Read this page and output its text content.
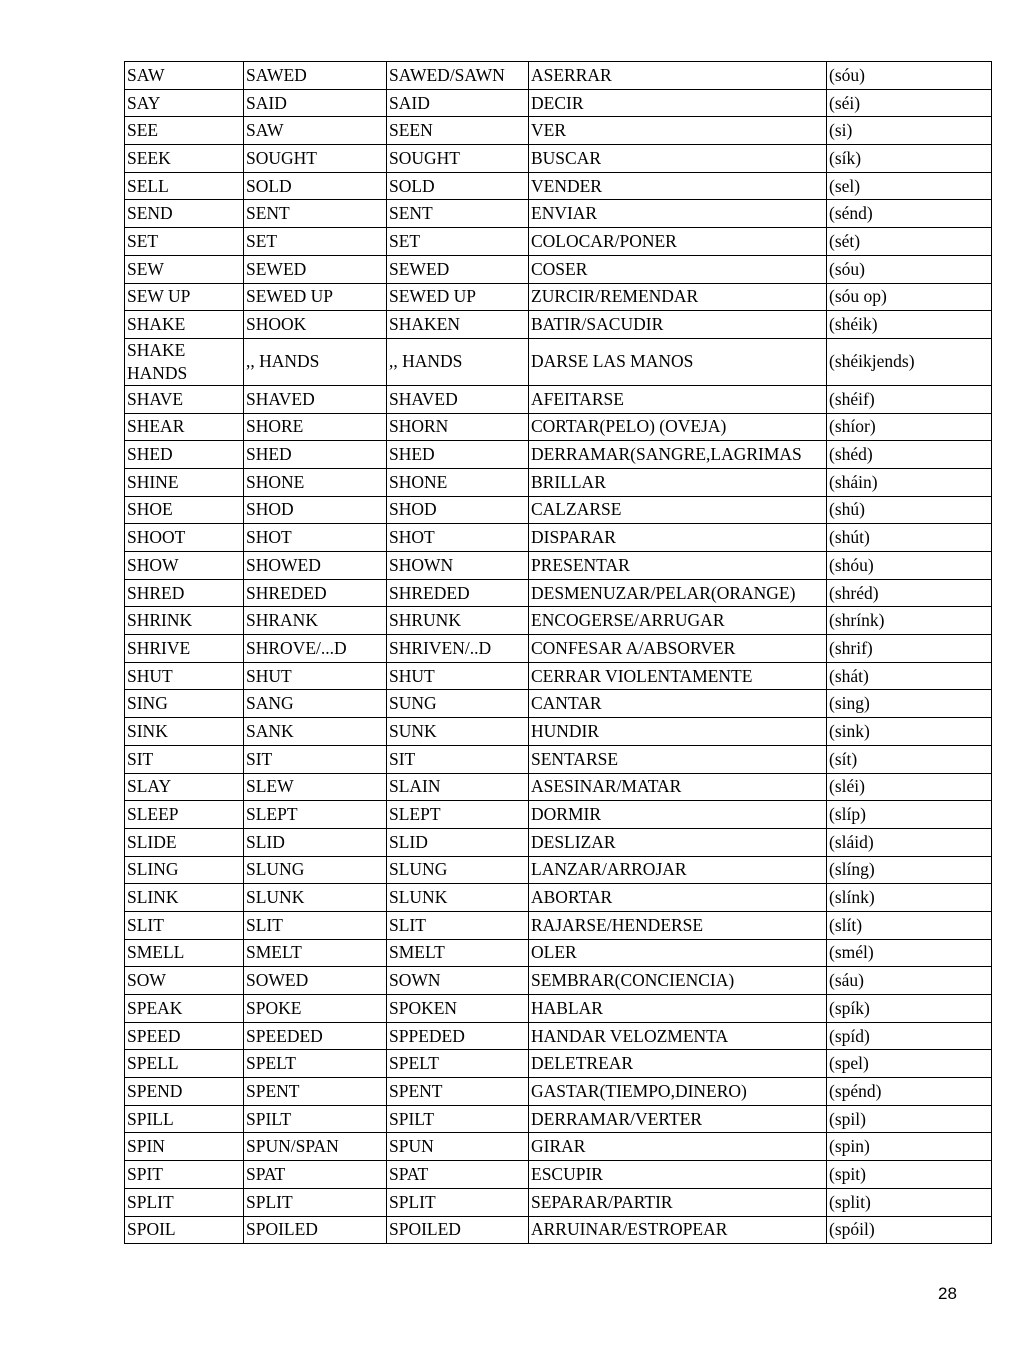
SAW	SAWED	SAWED/SAWN	ASERRAR	(sóu)
SAY	SAID	SAID	DECIR	(séi)
SEE	SAW	SEEN	VER	(si)
SEEK	SOUGHT	SOUGHT	BUSCAR	(sík)
SELL	SOLD	SOLD	VENDER	(sel)
SEND	SENT	SENT	ENVIAR	(sénd)
SET	SET	SET	COLOCAR/PONER	(sét)
SEW	SEWED	SEWED	COSER	(sóu)
SEW UP	SEWED UP	SEWED UP	ZURCIR/REMENDAR	(sóu op)
SHAKE	SHOOK	SHAKEN	BATIR/SACUDIR	(shéik)
SHAKE HANDS	,, HANDS	,, HANDS	DARSE LAS MANOS	(shéikjends)
SHAVE	SHAVED	SHAVED	AFEITARSE	(shéif)
SHEAR	SHORE	SHORN	CORTAR(PELO) (OVEJA)	(shíor)
SHED	SHED	SHED	DERRAMAR(SANGRE,LAGRIMAS	(shéd)
SHINE	SHONE	SHONE	BRILLAR	(sháin)
SHOE	SHOD	SHOD	CALZARSE	(shú)
SHOOT	SHOT	SHOT	DISPARAR	(shút)
SHOW	SHOWED	SHOWN	PRESENTAR	(shóu)
SHRED	SHREDED	SHREDED	DESMENUZAR/PELAR(ORANGE)	(shréd)
SHRINK	SHRANK	SHRUNK	ENCOGERSE/ARRUGAR	(shrínk)
SHRIVE	SHROVE/...D	SHRIVEN/..D	CONFESAR A/ABSORVER	(shrif)
SHUT	SHUT	SHUT	CERRAR VIOLENTAMENTE	(shát)
SING	SANG	SUNG	CANTAR	(sing)
SINK	SANK	SUNK	HUNDIR	(sink)
SIT	SIT	SIT	SENTARSE	(sít)
SLAY	SLEW	SLAIN	ASESINAR/MATAR	(sléi)
SLEEP	SLEPT	SLEPT	DORMIR	(slíp)
SLIDE	SLID	SLID	DESLIZAR	(sláid)
SLING	SLUNG	SLUNG	LANZAR/ARROJAR	(slíng)
SLINK	SLUNK	SLUNK	ABORTAR	(slínk)
SLIT	SLIT	SLIT	RAJARSE/HENDERSE	(slít)
SMELL	SMELT	SMELT	OLER	(smél)
SOW	SOWED	SOWN	SEMBRAR(CONCIENCIA)	(sáu)
SPEAK	SPOKE	SPOKEN	HABLAR	(spík)
SPEED	SPEEDED	SPPEDED	HANDAR VELOZMENTA	(spíd)
SPELL	SPELT	SPELT	DELETREAR	(spel)
SPEND	SPENT	SPENT	GASTAR(TIEMPO,DINERO)	(spénd)
SPILL	SPILT	SPILT	DERRAMAR/VERTER	(spil)
SPIN	SPUN/SPAN	SPUN	GIRAR	(spin)
SPIT	SPAT	SPAT	ESCUPIR	(spit)
SPLIT	SPLIT	SPLIT	SEPARAR/PARTIR	(split)
SPOIL	SPOILED	SPOILED	ARRUINAR/ESTROPEAR	(spóil)
28
